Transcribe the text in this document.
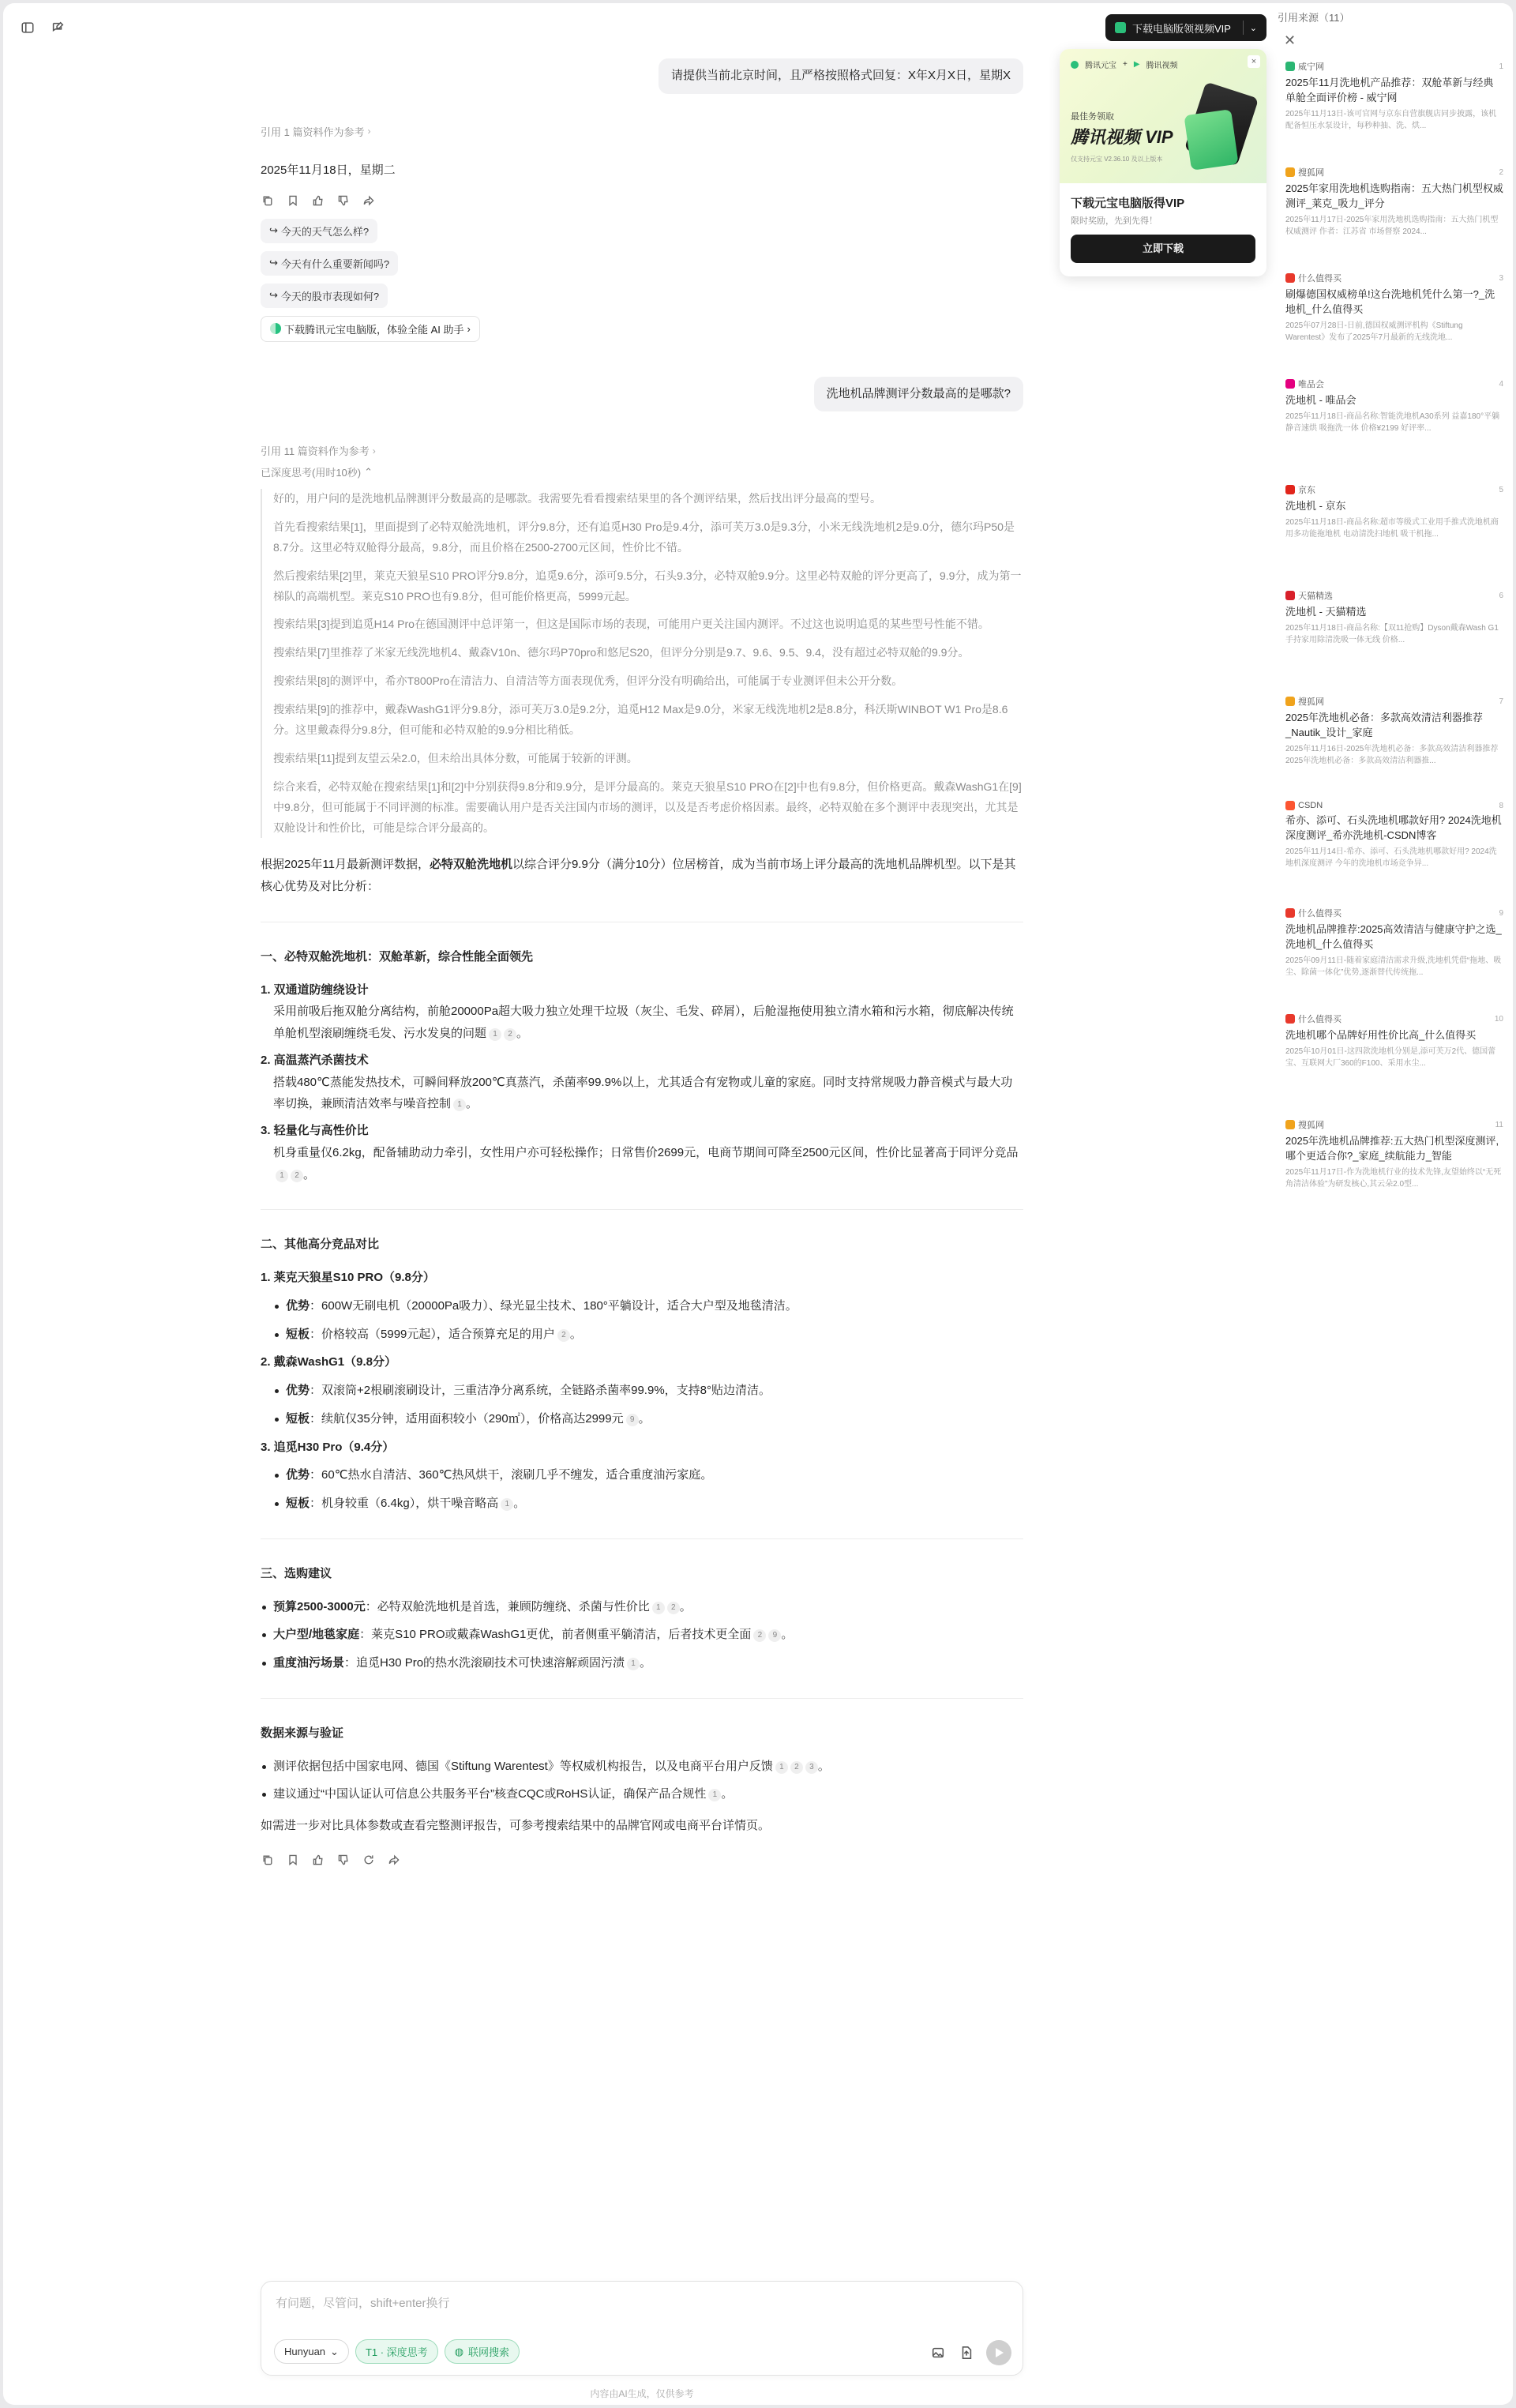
请提供当前北京时间，且严格按照格式回复：X年X月X日，星期X
引用 1 篇资料作为参考 ›
2025年11月18日，星期二
↪ 今天的天气怎么样?
↪ 今天有什么重要新闻吗?
↪ 今天的股市表现如何?
下载腾讯元宝电脑版，体验全能 AI 助手 ›
洗地机品牌测评分数最高的是哪款?
引用 11 篇资料作为参考 ›
已深度思考(用时10秒) ⌃

好的，用户问的是洗地机品牌测评分数最高的是哪款。我需要先看看搜索结果里的各个测评结果，然后找出评分最高的型号。

首先看搜索结果[1]，里面提到了必特双舱洗地机，评分9.8分，还有追觅H30 Pro是9.4分，添可芙万3.0是9.3分，小米无线洗地机2是9.0分，德尔玛P50是8.7分。这里必特双舱得分最高，9.8分，而且价格在2500-2700元区间，性价比不错。

然后搜索结果[2]里，莱克天狼星S10 PRO评分9.8分，追觅9.6分，添可9.5分，石头9.3分，必特双舱9.9分。这里必特双舱的评分更高了，9.9分，成为第一梯队的高端机型。莱克S10 PRO也有9.8分，但可能价格更高，5999元起。

搜索结果[3]提到追觅H14 Pro在德国测评中总评第一，但这是国际市场的表现，可能用户更关注国内测评。不过这也说明追觅的某些型号性能不错。

搜索结果[7]里推荐了米家无线洗地机4、戴森V10n、德尔玛P70pro和悠尼S20，但评分分别是9.7、9.6、9.5、9.4，没有超过必特双舱的9.9分。

搜索结果[8]的测评中，希亦T800Pro在清洁力、自清洁等方面表现优秀，但评分没有明确给出，可能属于专业测评但未公开分数。

搜索结果[9]的推荐中，戴森WashG1评分9.8分，添可芙万3.0是9.2分，追觅H12 Max是9.0分，米家无线洗地机2是8.8分，科沃斯WINBOT W1 Pro是8.6分。这里戴森得分9.8分，但可能和必特双舱的9.9分相比稍低。

搜索结果[11]提到友望云朵2.0，但未给出具体分数，可能属于较新的评测。

综合来看，必特双舱在搜索结果[1]和[2]中分别获得9.8分和9.9分，是评分最高的。莱克天狼星S10 PRO在[2]中也有9.8分，但价格更高。戴森WashG1在[9]中9.8分，但可能属于不同评测的标准。需要确认用户是否关注国内市场的测评，以及是否考虑价格因素。最终，必特双舱在多个测评中表现突出，尤其是双舱设计和性价比，可能是综合评分最高的。

根据2025年11月最新测评数据，必特双舱洗地机以综合评分9.9分（满分10分）位居榜首，成为当前市场上评分最高的洗地机品牌机型。以下是其核心优势及对比分析：

一、必特双舱洗地机：双舱革新，综合性能全面领先
1. 双通道防缠绕设计
采用前吸后拖双舱分离结构，前舱20000Pa超大吸力独立处理干垃圾（灰尘、毛发、碎屑），后舱湿拖使用独立清水箱和污水箱，彻底解决传统单舱机型滚刷缠绕毛发、污水发臭的问题 1 2 。
2. 高温蒸汽杀菌技术
搭载480℃蒸能发热技术，可瞬间释放200℃真蒸汽，杀菌率99.9%以上，尤其适合有宠物或儿童的家庭。同时支持常规吸力静音模式与最大功率切换，兼顾清洁效率与噪音控制 1 。
3. 轻量化与高性价比
机身重量仅6.2kg，配备辅助动力牵引，女性用户亦可轻松操作；日常售价2699元，电商节期间可降至2500元区间，性价比显著高于同评分竞品1 2 。
二、其他高分竞品对比
1. 莱克天狼星S10 PRO（9.8分）
优势：600W无刷电机（20000Pa吸力）、绿光显尘技术、180°平躺设计，适合大户型及地毯清洁。
短板：价格较高（5999元起），适合预算充足的用户 2 。
2. 戴森WashG1（9.8分）
优势：双滚筒+2根刷滚刷设计，三重洁净分离系统，全链路杀菌率99.9%，支持8°贴边清洁。
短板：续航仅35分钟，适用面积较小（290㎡），价格高达2999元 9 。
3. 追觅H30 Pro（9.4分）
优势：60℃热水自清洁、360℃热风烘干，滚刷几乎不缠发，适合重度油污家庭。
短板：机身较重（6.4kg），烘干噪音略高 1 。
三、选购建议
预算2500-3000元：必特双舱洗地机是首选，兼顾防缠绕、杀菌与性价比 1 2 。
大户型/地毯家庭：莱克S10 PRO或戴森WashG1更优，前者侧重平躺清洁，后者技术更全面 2 9 。
重度油污场景：追觅H30 Pro的热水洗滚刷技术可快速溶解顽固污渍 1 。
数据来源与验证
测评依据包括中国家电网、德国《Stiftung Warentest》等权威机构报告，以及电商平台用户反馈 1 2 3 。
建议通过“中国认证认可信息公共服务平台”核查CQC或RoHS认证，确保产品合规性 1 。

如需进一步对比具体参数或查看完整测评报告，可参考搜索结果中的品牌官网或电商平台详情页。

有问题，尽管问，shift+enter换行
Hunyuan ⌄	T1 · 深度思考	◍ 联网搜索
内容由AI生成，仅供参考
下载电脑版领视频VIP ⌄
腾讯元宝 + ▶ 腾讯视频
最佳务领取
腾讯视频 VIP
仅支持元宝 V2.36.10 及以上版本
×
下载元宝电脑版得VIP
限时奖励，先到先得！
立即下载
引用来源（11）
✕
威宁网	1
2025年11月洗地机产品推荐：双舱革新与经典单舱全面评价榜 - 威宁网
2025年11月13日-该可官网与京东自营旗舰店同步披露，该机配备恒压水泵设计，每秒种抽、洗、烘...
搜狐网	2
2025年家用洗地机选购指南：五大热门机型权威测评_莱克_吸力_评分
2025年11月17日-2025年家用洗地机选购指南：五大热门机型权威测评 作者：江苏省 市场督察 2024...
什么值得买	3
刷爆德国权威榜单!这台洗地机凭什么第一?_洗地机_什么值得买
2025年07月28日-日前,德国权威测评机构《Stiftung Warentest》发布了2025年7月最新的无线洗地...
唯品会	4
洗地机 - 唯品会
2025年11月18日-商品名称:智能洗地机A30系列 益嘉180°平躺静音速烘 吸拖洗一体 价格¥2199 好评率...
京东	5
洗地机 - 京东
2025年11月18日-商品名称:超市等级式工业用手推式洗地机商用多功能拖地机 电动清洗扫地机 吸干机拖...
天猫精选	6
洗地机 - 天猫精选
2025年11月18日-商品名称:【双11抢购】Dyson戴森Wash G1 手持家用除清洗吸一体无线 价格...
搜狐网	7
2025年洗地机必备：多款高效清洁利器推荐_Nautik_设计_家庭
2025年11月16日-2025年洗地机必备：多款高效清洁利器推荐 2025年洗地机必备：多款高效清洁利器推...
CSDN	8
希亦、添可、石头洗地机哪款好用? 2024洗地机深度测评_希亦洗地机-CSDN博客
2025年11月14日-希亦、添可、石头洗地机哪款好用? 2024洗地机深度测评 今年的洗地机市场竞争异...
什么值得买	9
洗地机品牌推荐:2025高效清洁与健康守护之选_洗地机_什么值得买
2025年09月11日-随着家庭清洁需求升级,洗地机凭借“拖地、吸尘、除菌一体化”优势,逐渐替代传统拖...
什么值得买	10
洗地机哪个品牌好用性价比高_什么值得买
2025年10月01日-这四款洗地机分别是,添可芙万2代、德国蕾宝、互联网大厂360的F100、采用水尘...
搜狐网	11
2025年洗地机品牌推荐:五大热门机型深度测评,哪个更适合你?_家庭_续航能力_智能
2025年11月17日-作为洗地机行业的技术先锋,友望始终以“无死角清洁体验”为研发核心,其云朵2.0型...
